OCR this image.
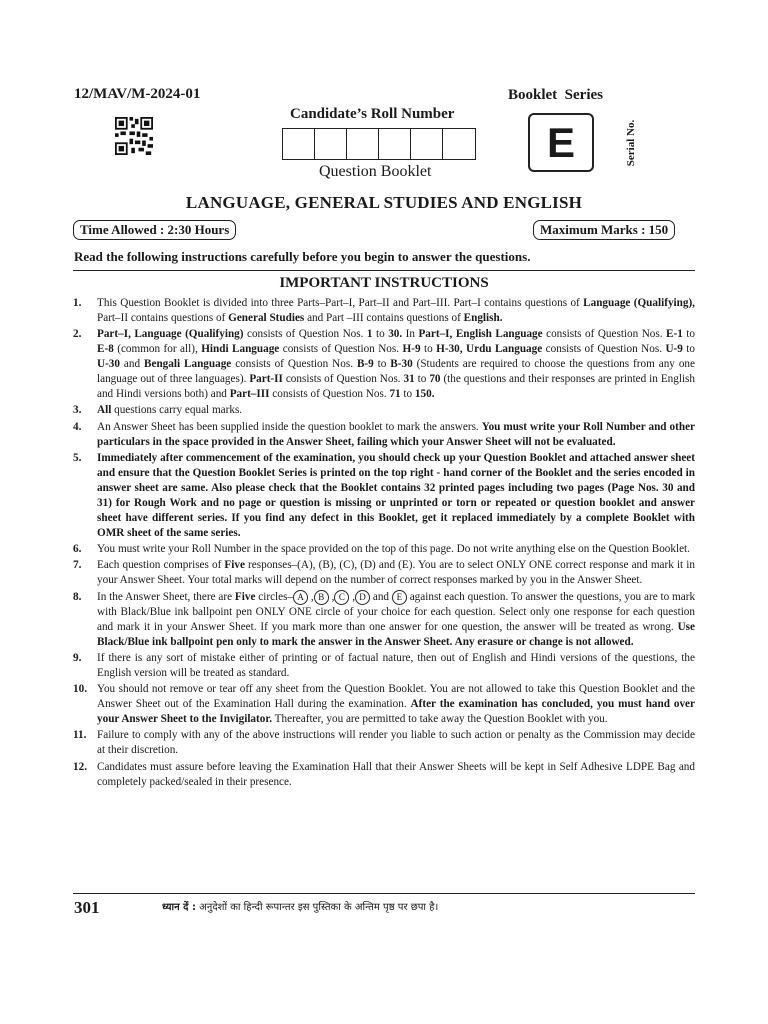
12/MAV/M-2024-01
Candidate’s Roll Number
Question Booklet
Booklet  Series
E	Serial No.
LANGUAGE, GENERAL STUDIES AND ENGLISH
Time Allowed : 2:30 Hours	Maximum Marks : 150
Read the following instructions carefully before you begin to answer the questions.
IMPORTANT INSTRUCTIONS
1.	This Question Booklet is divided into three Parts–Part–I, Part–II and Part–III. Part–I contains questions of Language (Qualifying), Part–II contains questions of General Studies and Part –III contains questions of English.
2.	Part–I, Language (Qualifying) consists of Question Nos. 1 to 30. In Part–I, English Language consists of Question Nos. E-1 to E-8 (common for all), Hindi Language consists of Question Nos. H-9 to H-30, Urdu Language consists of Question Nos. U-9 to U-30 and Bengali Language consists of Question Nos. B-9 to B-30 (Students are required to choose the questions from any one language out of three languages). Part-II consists of Question Nos. 31 to 70 (the questions and their responses are printed in English and Hindi versions both) and Part–III consists of Question Nos. 71 to 150.
3.	All questions carry equal marks.
4.	An Answer Sheet has been supplied inside the question booklet to mark the answers. You must write your Roll Number and other particulars in the space provided in the Answer Sheet, failing which your Answer Sheet will not be evaluated.
5.	Immediately after commencement of the examination, you should check up your Question Booklet and attached answer sheet and ensure that the Question Booklet Series is printed on the top right - hand corner of the Booklet and the series encoded in answer sheet are same. Also please check that the Booklet contains 32 printed pages including two pages (Page Nos. 30 and 31) for Rough Work and no page or question is missing or unprinted or torn or repeated or question booklet and answer sheet have different series. If you find any defect in this Booklet, get it replaced immediately by a complete Booklet with OMR sheet of the same series.
6.	You must write your Roll Number in the space provided on the top of this page. Do not write anything else on the Question Booklet.
7.	Each question comprises of Five responses–(A), (B), (C), (D) and (E). You are to select ONLY ONE correct response and mark it in your Answer Sheet. Your total marks will depend on the number of correct responses marked by you in the Answer Sheet.
8.	In the Answer Sheet, there are Five circles– A , B , C , D and E against each question. To answer the questions, you are to mark with Black/Blue ink ballpoint pen ONLY ONE circle of your choice for each question. Select only one response for each question and mark it in your Answer Sheet. If you mark more than one answer for one question, the answer will be treated as wrong. Use Black/Blue ink ballpoint pen only to mark the answer in the Answer Sheet. Any erasure or change is not allowed.
9.	If there is any sort of mistake either of printing or of factual nature, then out of English and Hindi versions of the questions, the English version will be treated as standard.
10. You should not remove or tear off any sheet from the Question Booklet. You are not allowed to take this Question Booklet and the Answer Sheet out of the Examination Hall during the examination. After the examination has concluded, you must hand over your Answer Sheet to the Invigilator. Thereafter, you are permitted to take away the Question Booklet with you.
11. Failure to comply with any of the above instructions will render you liable to such action or penalty as the Commission may decide at their discretion.
12. Candidates must assure before leaving the Examination Hall that their Answer Sheets will be kept in Self Adhesive LDPE Bag and completely packed/sealed in their presence.
301	ध्यान दें : अनुदेशों का हिन्दी रूपान्तर इस पुस्तिका के अन्तिम पृष्ठ पर छपा है।
